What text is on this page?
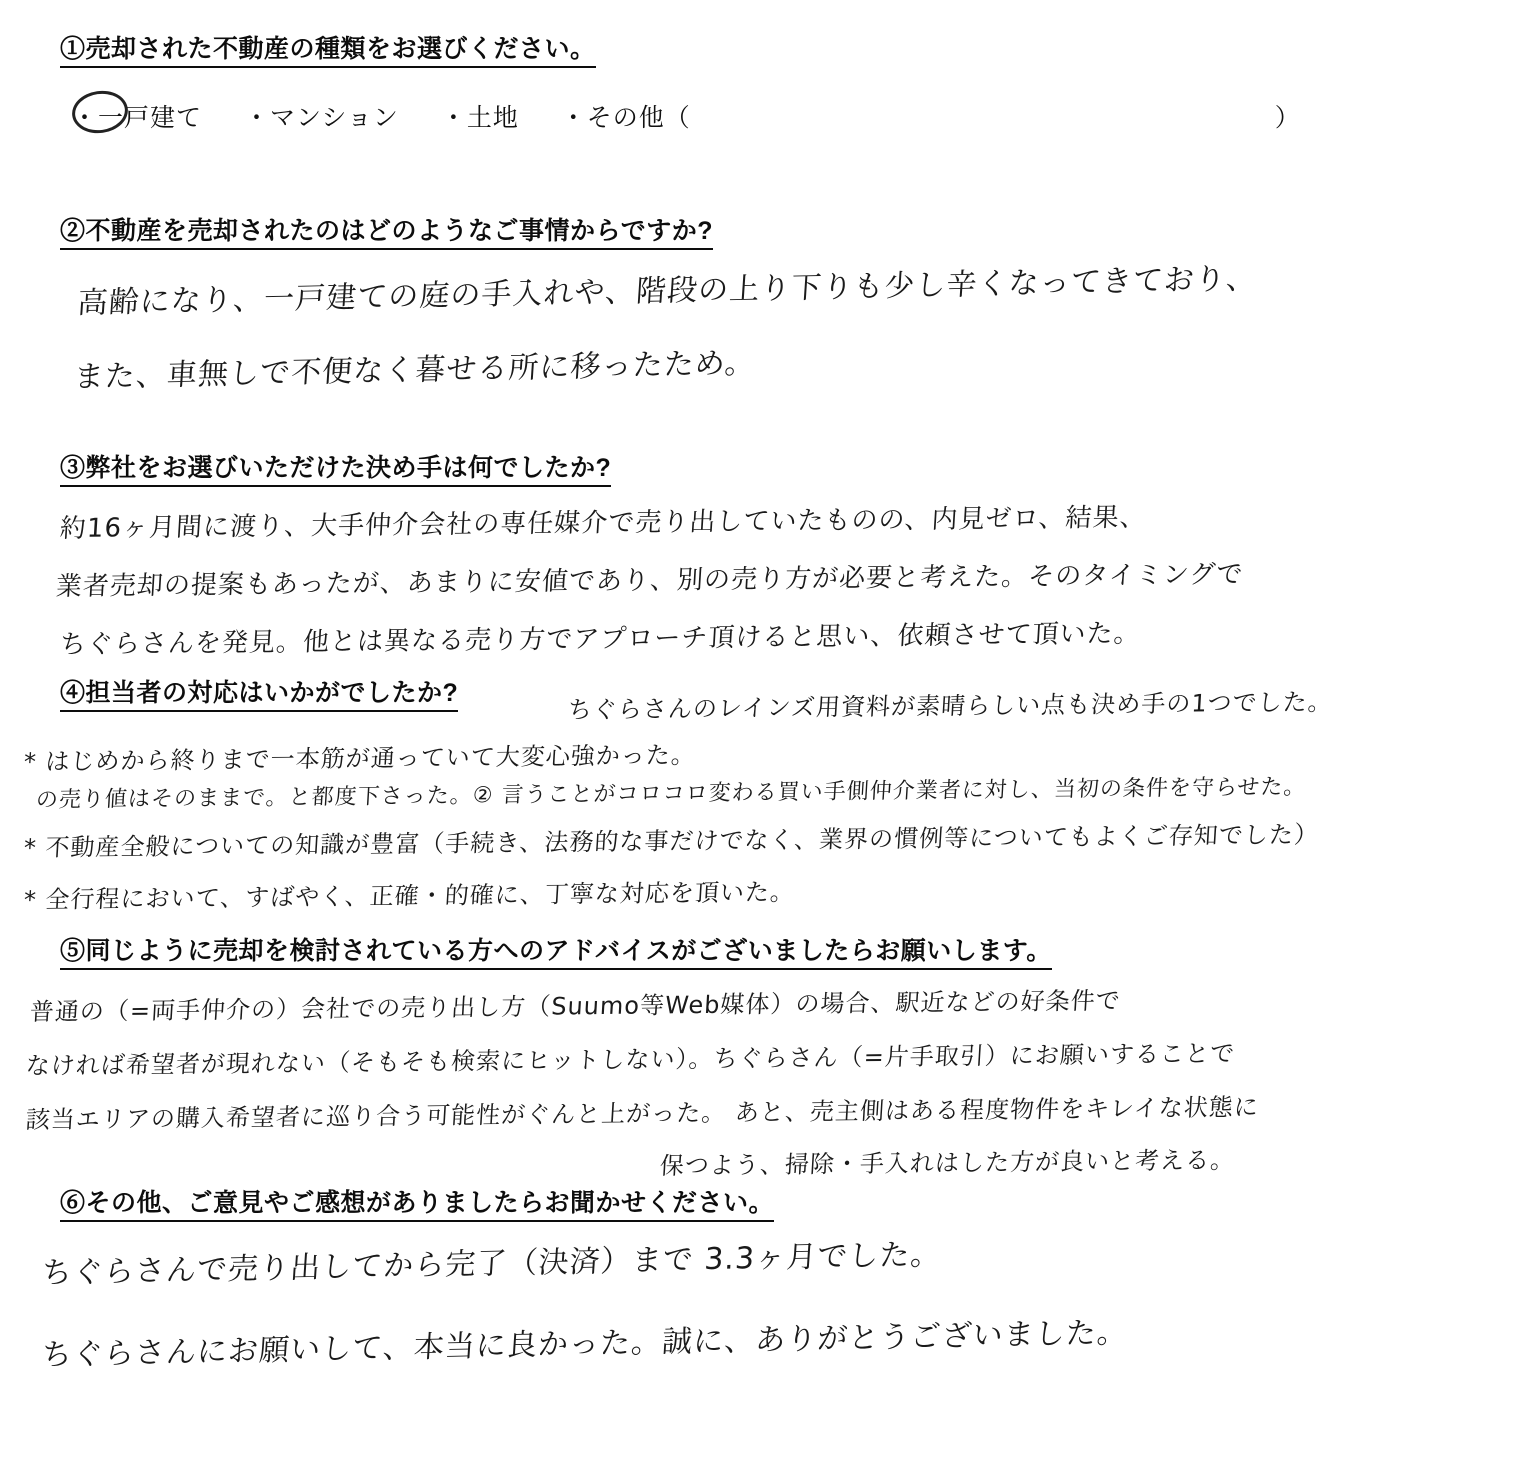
①売却された不動産の種類をお選びください。
・一戸建て ・マンション ・土地 ・その他（	）
②不動産を売却されたのはどのようなご事情からですか?
高齢になり、一戸建ての庭の手入れや、階段の上り下りも少し辛くなってきており、
また、車無しで不便なく暮せる所に移ったため。
③弊社をお選びいただけた決め手は何でしたか?
約16ヶ月間に渡り、大手仲介会社の専任媒介で売り出していたものの、内見ゼロ、結果、
業者売却の提案もあったが、あまりに安値であり、別の売り方が必要と考えた。そのタイミングで
ちぐらさんを発見。他とは異なる売り方でアプローチ頂けると思い、依頼させて頂いた。
④担当者の対応はいかがでしたか?	ちぐらさんのレインズ用資料が素晴らしい点も決め手の1つでした。
* はじめから終りまで一本筋が通っていて大変心強かった。
の売り値はそのままで。と都度下さった。② 言うことがコロコロ変わる買い手側仲介業者に対し、当初の条件を守らせた。
* 不動産全般についての知識が豊富（手続き、法務的な事だけでなく、業界の慣例等についてもよくご存知でした）
* 全行程において、すばやく、正確・的確に、丁寧な対応を頂いた。
⑤同じように売却を検討されている方へのアドバイスがございましたらお願いします。
普通の（=両手仲介の）会社での売り出し方（Suumo等Web媒体）の場合、駅近などの好条件で
なければ希望者が現れない（そもそも検索にヒットしない）。ちぐらさん（=片手取引）にお願いすることで
該当エリアの購入希望者に巡り合う可能性がぐんと上がった。 あと、売主側はある程度物件をキレイな状態に
保つよう、掃除・手入れはした方が良いと考える。
⑥その他、ご意見やご感想がありましたらお聞かせください。
ちぐらさんで売り出してから完了（決済）まで 3.3ヶ月でした。
ちぐらさんにお願いして、本当に良かった。誠に、ありがとうございました。
